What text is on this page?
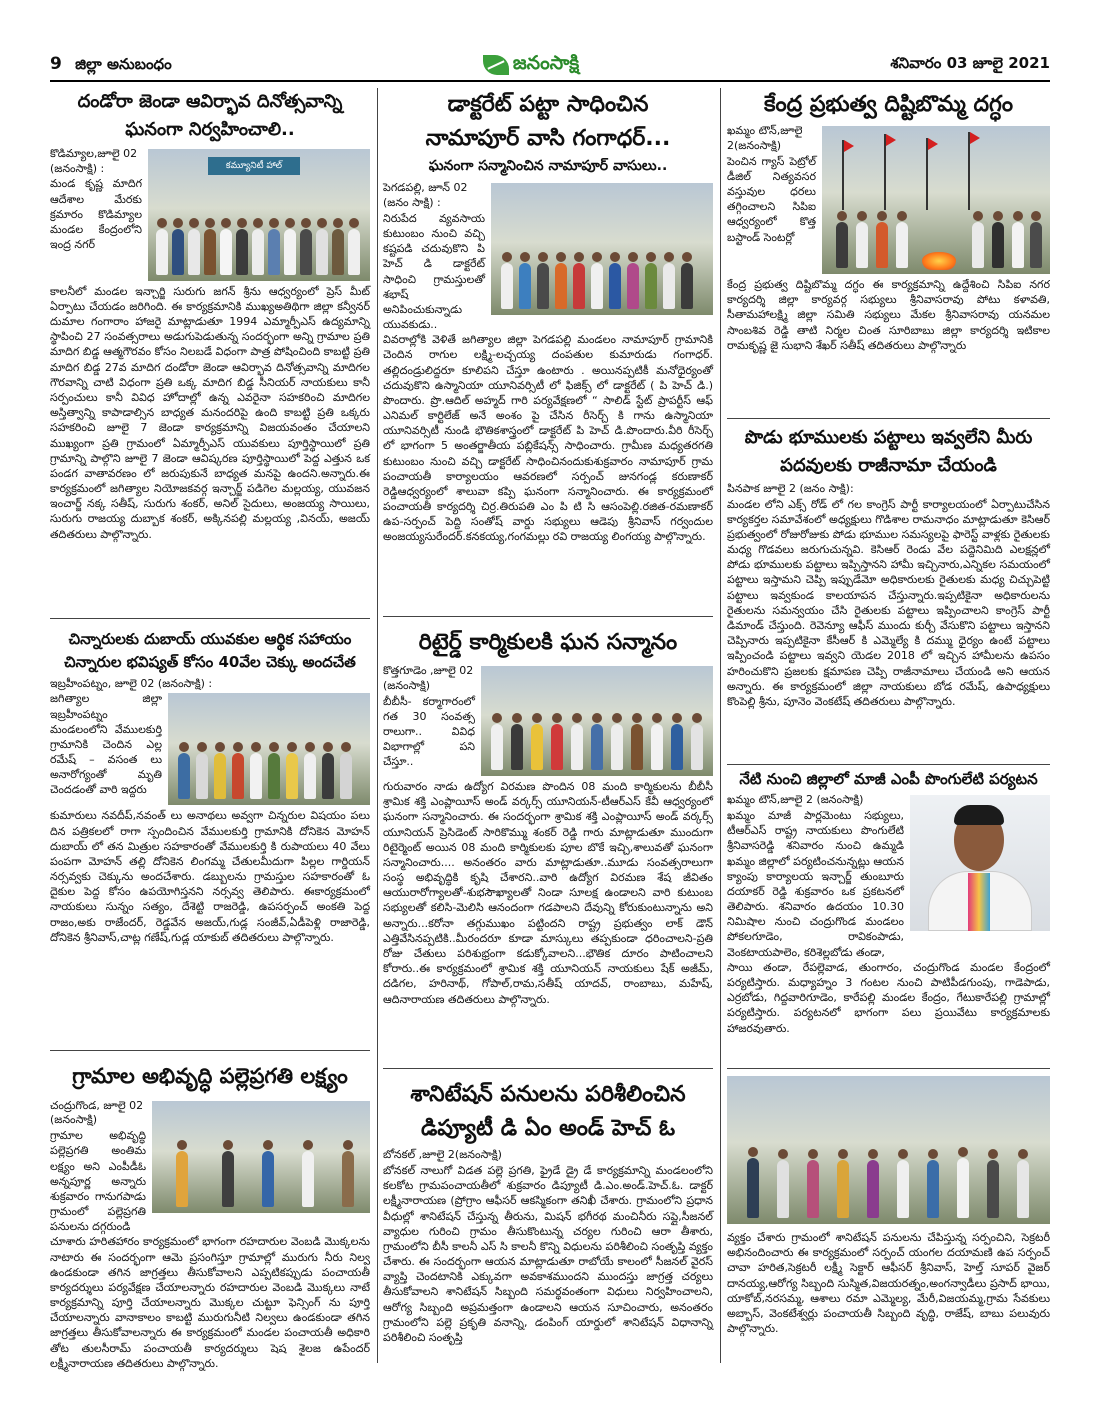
9 జిల్లా అనుబంధం	జనంసాక్షి	శనివారం 03 జూలై 2021
దండోరా జెండా ఆవిర్భావ దినోత్సవాన్ని
ఘనంగా నిర్వహించాలి..
కమ్యూనిటీ హాల్
కొడిమ్యాల,జూలై 02 (జనంసాక్షి) :
మండ కృష్ణ మాదిగ ఆదేశాల మేరకు క్రమారం కొడిమ్యాల మండల కేంద్రంలోని ఇంద్ర నగర్
కాలనీలో మండల ఇన్చార్జి సురుగు జగన్ శ్రీను ఆధ్వర్యంలో ప్రెస్ మీట్ ఏర్పాటు చేయడం జరిగింది. ఈ కార్యక్రమానికి ముఖ్యఅతిథిగా జిల్లా కన్వీనర్ దుమాల గంగారాం హాజరై మాట్లాడుతూ 1994 ఎమ్మార్పీఎస్ ఉద్యమాన్ని స్థాపించి 27 సంవత్సరాలు అడుగుపెడుతున్న సందర్భంగా అన్ని గ్రామాల ప్రతి మాదిగ బిడ్డ ఆత్మగౌరవం కోసం నిలబడే విధంగా పాత్ర పోషించింది కాబట్టి ప్రతి మాదిగ బిడ్డ 27వ మాదిగ దండోరా జెండా ఆవిర్భావ దినోత్సవాన్ని మాదిగల గౌరవాన్ని చాటి విధంగా ప్రతి ఒక్క మాదిగ బిడ్డ సీనియర్ నాయకులు కానీ సర్పంచులు కానీ వివిధ హోదాల్లో ఉన్న ఎవరైనా సహకరించి మాదిగల అస్తిత్వాన్ని కాపాడాల్సిన బాధ్యత మనందరిపై ఉంది కాబట్టి ప్రతి ఒక్కరు సహకరించి జూలై 7 జెండా కార్యక్రమాన్ని విజయవంతం చేయాలని ముఖ్యంగా ప్రతి గ్రామంలో ఏమ్మార్పీఎస్ యువకులు పూర్తిస్థాయిలో ప్రతి గ్రామాన్ని పాల్గొని జూలై 7 జెండా ఆవిష్కరణ పూర్తిస్థాయిలో పెద్ద ఎత్తున ఒక పండగ వాతావరణం లో జరుపుకునే బాధ్యత మనపై ఉందని.అన్నారు.ఈ కార్యక్రమంలో జగిత్యాల నియోజకవర్గ ఇన్చార్జ్ పడిగెల మల్లయ్య, యువజన ఇంచార్జ్ నక్క సతీష్, సురుగు శంకర్, అనిల్ సైదులు, అంజయ్య సాయిలు, సురుగు రాజయ్య దుబ్బాక శంకర్, అక్కినపల్లి మల్లయ్య ,వినయ్, అజయ్ తదితరులు పాల్గొన్నారు.
చిన్నారులకు దుబాయ్ యువకుల ఆర్థిక సహాయం
చిన్నారుల భవిష్యత్ కోసం 40వేల చెక్కు అందచేత
ఇబ్రహీంపట్నం, జూలై 02 (జనంసాక్షి) :
జగిత్యాల జిల్లా ఇబ్రహీంపట్నం మండలంలోని వేములకుర్తి గ్రామానికి చెందిన ఎల్ల రమేష్ – వసంత లు అనారోగ్యంతో మృతి చెందడంతో వారి ఇద్దరు
కుమారులు నవదీప్,నవంత్ లు అనాథలు అవ్వగా చిన్నరుల విషయం పలు దిన పత్రికలలో రాగా స్పందించిన వేములకుర్తి గ్రామానికి దోనికెన మోహన్ దుబాయ్ లో తన మిత్రుల సహకారంతో వేములకుర్తి కి రుపాయలు 40 వేలు పంపగా మోహన్ తల్లి దోనికెన లింగమ్మ చేతులమీదుగా పిల్లల గార్డియన్ నర్సవ్వకు చెక్కును అందచేశారు. డబ్బులను గ్రామస్తుల సహకారంతో ఓ దైకుల పెద్ద కోసం ఉపయోగిస్తనని నర్సవ్వ తెలిపారు. ఈకార్యక్రమంలో నాయకులు సున్నం సత్యం, దేశెట్టి రాజరెడ్డి, ఉపసర్పంచ్ అంకతి పెద్ద రాజం,అకు రాజేందర్, రెడ్డవేన అజయ్,గుడ్ల సంజీవ్,ఏడీపెళ్లి రాజారెడ్డి, దోనికెన శ్రీనివాస్,చాట్ల గణేష్,గుడ్ల యాకుబ్ తదితరులు పాల్గొన్నారు.
గ్రామాల అభివృద్ధి పల్లెప్రగతి లక్ష్యం
చంద్రుగొండ, జూలై 02 (జనంసాక్షి)
గ్రామాల అభివృద్ధి పల్లెప్రగతి అంతిమ లక్ష్యం అని ఎంపీడీఓ అన్నపూర్ణ అన్నారు శుక్రవారం గానుగపాడు గ్రామంలో పల్లెప్రగతి పనులను దగ్గరుండి
చూశారు హరితహారం కార్యక్రమంలో భాగంగా రహదారుల వెంబడి మొక్కలను నాటారు ఈ సందర్భంగా ఆమె ప్రసంగిస్తూ గ్రామాల్లో మురుగు నీరు నిల్వ ఉండకుండా తగిన జాగ్రత్తలు తీసుకోవాలని ఎప్పటికప్పుడు పంచాయతీ కార్యదర్శులు పర్యవేక్షణ చేయాలన్నారు రహదారుల వెంబడి మొక్కలు నాటే కార్యక్రమాన్ని పూర్తి చేయాలన్నారు మొక్కల చుట్టూ ఫెన్సింగ్ ను పూర్తి చేయాలన్నారు వానాకాలం కాబట్టి మురుగునీటి నిల్వలు ఉండకుండా తగిన జాగ్రత్తలు తీసుకోవాలన్నారు ఈ కార్యక్రమంలో మండల పంచాయతీ అధికారి తోట తులసీరామ్ పంచాయతీ కార్యదర్శులు షెష శైలజ ఉపేందర్ లక్ష్మీనారాయణ తదితరులు పాల్గొన్నారు.
డాక్టరేట్ పట్టా సాధించిన
నామాపూర్ వాసి గంగాధర్...
ఘనంగా సన్మానించిన నామాపూర్ వాసులు..
పెగడపల్లి, జూన్ 02 (జనం సాక్షి) :
నిరుపేద వ్యవసాయ కుటుంబం నుంచి వచ్చి కష్టపడి చదువుకొని పి హెచ్ డి డాక్టరేట్ సాధించి గ్రామస్తులతో శభాష్ అనిపించుకున్నాడు యువకుడు..
వివరాల్లోకి వెళితే జగిత్యాల జిల్లా పెగడపల్లి మండలం నామాపూర్ గ్రామానికి చెందిన రాగుల లక్ష్మి-లచ్చయ్య దంపతుల కుమారుడు గంగాధర్. తల్లిదండ్రులిద్దరూ కూలిపని చేస్తూ ఉంటారు . అయినప్పటికీ మనోధైర్యంతో చదువుకొని ఉస్మానియా యూనివర్సిటీ లో ఫిజిక్స్ లో డాక్టరేట్ ( పి హెచ్ డి.) పొందారు. ప్రొ.ఆదిల్ అహ్మద్ గారి పర్యవేక్షణలో “ సాలిడ్ స్టేట్ ప్రాపర్టీస్ ఆఫ్ ఎనిమల్ కార్టిలేజ్ అనే అంశం పై చేసిన రీసెర్చ్ కి గాను ఉస్మానియా యూనివర్సిటీ నుండి భౌతికశాస్త్రంలో డాక్టరేట్ పి హెచ్ డి.పొందారు.వీరి రీసెర్చ్ లో భాగంగా 5 అంతర్జాతీయ పబ్లికేషన్స్ సాధించారు. గ్రామీణ మధ్యతరగతి కుటుంబం నుంచి వచ్చి డాక్టరేట్ సాధించినందుకుశుక్రవారం నామాపూర్ గ్రామ పంచాయతీ కార్యాలయం ఆవరణలో సర్పంచ్ జునగండ్ల కరుణాకర్ రెడ్డిఆధ్వర్యంలో శాలువా కప్పి ఘనంగా సన్మానించారు. ఈ కార్యక్రమంలో పంచాయతీ కార్యదర్శి చిర్ర.తిరుపతి ఎం పి టి సి ఆసంపెల్లి.రజిత-రమణాకర్ ఉప-సర్పంచ్ పెద్ది సంతోష్ వార్డు సభ్యులు ఆడెపు శ్రీనివాస్ గర్వందుల అంజయ్యసురేందర్.కనకయ్య,గంగమల్లు రవి రాజయ్య లింగయ్య పాల్గొన్నారు.
రిటైర్డ్ కార్మికులకి ఘన సన్మానం
కొత్తగూడెం ,జూలై 02 (జనంసాక్షి)
బీబీసీ- కర్మాగారంలో గత 30 సంవత్స రాలుగా.. వివిధ విభాగాల్లో పని చేస్తూ..
గురువారం నాడు ఉద్యోగ విరమణ పొందిన 08 మంది కార్మికులను బీబీసీ శ్రామిక శక్తి ఎంప్లాయీస్ అండ్ వర్కర్స్ యూనియన్-టీఆర్ఎస్ కేవీ ఆధ్వర్యంలో ఘనంగా సన్మానించారు. ఈ సందర్భంగా శ్రామిక శక్తి ఎంప్లాయీస్ అండ్ వర్కర్స్ యూనియన్ ప్రెసిడెంట్ సారికొమ్ము శంకర్ రెడ్డి గారు మాట్లాడుతూ ముందుగా రిటైర్మెంట్ అయిన 08 మంది కార్మికులకు పూల బొకే ఇచ్చి,శాలువతో ఘనంగా సన్మానించారు.... అనంతరం వారు మాట్లాడుతూ..మూడు సంవత్సరాలుగా సంస్థ అభివృద్ధికి కృషి చేశారని..వారి ఉద్యోగ విరమణ శేష జీవితం ఆయురారోగ్యాలతో-శుభసౌఖ్యాలతో నిండా సూలక్ష ఉండాలని వారి కుటుంబ సభ్యులతో కలిసి-మెలిసి ఆనందంగా గడపాలని దేవున్ని కోరుకుంటున్నాను అని అన్నారు...కరోనా తగ్గుముఖం పట్టిందని రాష్ట్ర ప్రభుత్వం లాక్ డౌన్ ఎత్తివేసినప్పటికి..మీరందరూ కూడా మాస్కులు తప్పకుండా ధరించాలని-ప్రతి రోజు చేతులు పరిశుభ్రంగా కడుక్కోవాలని...భౌతిక దూరం పాటించాలని కోరారు..ఈ కార్యక్రమంలో శ్రామిక శక్తి యూనియన్ నాయకులు షేక్ అజీమ్, దడిగల, హరినాథ్, గోపాల్,రామ,సతీష్ యాదవ్, రాంబాబు, మహేష్, ఆదినారాయణ తదితరులు పాల్గొన్నారు.
శానిటేషన్ పనులను పరిశీలించిన
డిప్యూటీ డి ఏం అండ్ హెచ్ ఓ
బోనకల్ ,జూలై 2(జనంసాక్షి)
బోనకల్ నాలుగో విడత పల్లె ప్రగతి, ఫ్రైడే డ్రై డే కార్యక్రమాన్ని మండలంలోని కలకోట గ్రామపంచాయతీలో శుక్రవారం డిప్యూటీ డి.ఎం.అండ్.హెచ్.ఓ. డాక్టర్ లక్ష్మీనారాయణ (ప్రోగ్రాం ఆఫీసర్ ఆకస్మికంగా తనిఖీ చేశారు. గ్రామంలోని ప్రధాన వీధుల్లో శానిటేషన్ చేస్తున్న తీరును, మిషన్ భగీరథ మంచినీరు సప్లై,సీజనల్ వ్యాధుల గురించి గ్రామం తీసుకొంటున్న చర్యల గురించి ఆరా తీశారు, గ్రామంలోని బీసీ కాలనీ ఎస్ సి కాలనీ కొన్ని విధులను పరిశీలించి సంతృప్తి వ్యక్తం చేశారు. ఈ సందర్భంగా ఆయన మాట్లాడుతూ రాబోయే కాలంలో సీజనల్ వైరస్ వ్యాప్తి చెందటానికి ఎక్కువగా అవకాశముందని ముందస్తు జాగ్రత్త చర్యలు తీసుకోవాలని శానిటేషన్ సిబ్బంది సమర్థవంతంగా విధులు నిర్వహించాలని, ఆరోగ్య సిబ్బంది అప్రమత్తంగా ఉండాలని ఆయన సూచించారు, అనంతరం గ్రామంలోని పల్లె ప్రకృతి వనాన్ని, డంపింగ్ యార్డులో శానిటేషన్ విధానాన్ని పరిశీలించి సంతృప్తి
కేంద్ర ప్రభుత్వ దిష్టిబొమ్మ దగ్ధం
ఖమ్మం టౌన్,జూలై 2(జనంసాక్షి)
పెంచిన గ్యాస్ పెట్రోల్ డీజిల్ నిత్యవసర వస్తువుల ధరలు తగ్గించాలని సిపిఐ ఆధ్వర్యంలో కొత్త బస్టాండ్ సెంటర్లో
కేంద్ర ప్రభుత్వ దిష్టిబొమ్మ దగ్ధం ఈ కార్యక్రమాన్ని ఉద్దేశించి సిపిఐ నగర కార్యదర్శి జిల్లా కార్యవర్గ సభ్యులు శ్రీనివాసరావు పోటు కళావతి, సీతామహాలక్ష్మి జిల్లా సమితి సభ్యులు మేకల శ్రీనివాసరావు యనమల సాంబశివ రెడ్డి తాటి నిర్మల చింత సూరిబాబు జిల్లా కార్యదర్శి ఇటికాల రామకృష్ణ జై సుభాని శేఖర్ సతీష్ తదితరులు పాల్గొన్నారు
పొడు భూములకు పట్టాలు ఇవ్వలేని మీరు
పదవులకు రాజీనామా చేయండి
పినపాక జూలై 2 (జనం సాక్షి):
మండల లోని ఎక్స్ రోడ్ లో గల కాంగ్రెస్ పార్టీ కార్యాలయంలో ఏర్పాటుచేసిన కార్యకర్తల సమావేశంలో అధ్యక్షులు గొడిశాల రామనాధం మాట్లాడుతూ కెసిఆర్ ప్రభుత్వంలో రోజురోజుకు పోడు భూముల సమస్యలపై ఫారెస్ట్ వాళ్లకు రైతులకు మధ్య గొడవలు జరుగుచున్నవి. కెసిఆర్ రెండు వేల పద్దెనిమిది ఎలక్షన్లలో పోడు భూములకు పట్టాలు ఇప్పిస్తానని హామీ ఇచ్చినారు,ఎన్నికల సమయంలో పట్టాలు ఇస్తామని చెప్పి ఇప్పుడేమో అధికారులకు రైతులకు మధ్య చిచ్చుపెట్టి పట్టాలు ఇవ్వకుండ కాలయాపన చేస్తున్నారు.ఇప్పటికైనా అధికారులను రైతులను సమన్వయం చేసి రైతులకు పట్టాలు ఇప్పించాలని కాంగ్రెస్ పార్టీ డిమాండ్ చేస్తుంది. రెవెన్యూ ఆఫీస్ ముందు కుర్చీ వేసుకొని పట్టాలు ఇస్తానని చెప్పినారు ఇప్పటికైనా కేసీఆర్ కి ఎమ్మెల్యే కి దమ్ము ధైర్యం ఉంటే పట్టాలు ఇప్పించండి పట్టాలు ఇవ్వని యెడల 2018 లో ఇచ్చిన హామీలను ఉపసం హరించుకొని ప్రజలకు క్షమాపణ చెప్పి రాజీనామాలు చేయండి అని ఆయన అన్నారు. ఈ కార్యక్రమంలో జిల్లా నాయకులు బోడ రమేష్, ఉపాధ్యక్షులు కొంపెల్లి శ్రీను, పూనెం వెంకటేష్ తదితరులు పాల్గొన్నారు.
నేటి నుంచి జిల్లాలో మాజీ ఎంపీ పొంగులేటి పర్యటన
ఖమ్మం టౌన్,జూలై 2 (జనంసాక్షి)
ఖమ్మం మాజీ పార్లమెంటు సభ్యులు, టీఆర్ఎస్ రాష్ట్ర నాయకులు పొంగులేటి శ్రీనివాసరెడ్డి శనివారం నుంచి ఉమ్మడి ఖమ్మం జిల్లాలో పర్యటించనున్నట్లు ఆయన క్యాంపు కార్యాలయ ఇన్చార్జ్ తుంబూరు దయాకర్ రెడ్డి శుక్రవారం ఒక ప్రకటనలో తెలిపారు. శనివారం ఉదయం 10.30 నిమిషాల నుంచి చంద్రుగొండ మండలం పోకలగూడెం, రావికంపాడు, వెంకటాయపాలెం, కరిశెల్లబోడు తండా,
సాయి తండా, రేపల్లెవాడ, తుంగారం, చంద్రుగొండ మండల కేంద్రంలో పర్యటిస్తారు. మధ్యాహ్నం 3 గంటల నుంచి పాటిపీడగుంపు, గాడెపాడు, ఎర్రబోడు, గిద్దవారిగూడెం, కారేపల్లి మండల కేంద్రం, గేటుకారేపల్లి గ్రామాల్లో పర్యటిస్తారు. పర్యటనలో భాగంగా పలు ప్రయివేటు కార్యక్రమాలకు హాజరవుతారు.
వ్యక్తం చేశారు గ్రామంలో శానిటేషన్ పనులను చేపిస్తున్న సర్పంచిని, సెక్రటరీ అభినందించారు ఈ కార్యక్రమంలో సర్పంచ్ యంగల దయామణి ఉప సర్పంచ్ చావా హరిత,సెక్రటరీ లక్ష్మీ సెక్టార్ ఆఫీసర్ శ్రీనివాస్, హెల్త్ సూపర్ వైజర్ దానయ్య,ఆరోగ్య సిబ్బంది సుస్మిత,విజయరత్నం,అంగన్వాడీలు ప్రసాద్ భాయి, యాకోబ్,నరసమ్మ, ఆశాలు రమా ఎమ్మెల్య, మేరీ,విజయమ్మ,గ్రామ సేవకులు అబ్బాస్, వెంకటేశ్వర్లు పంచాయతీ సిబ్బంది వృద్ధి, రాజేష్, బాబు పలువురు పాల్గొన్నారు.
